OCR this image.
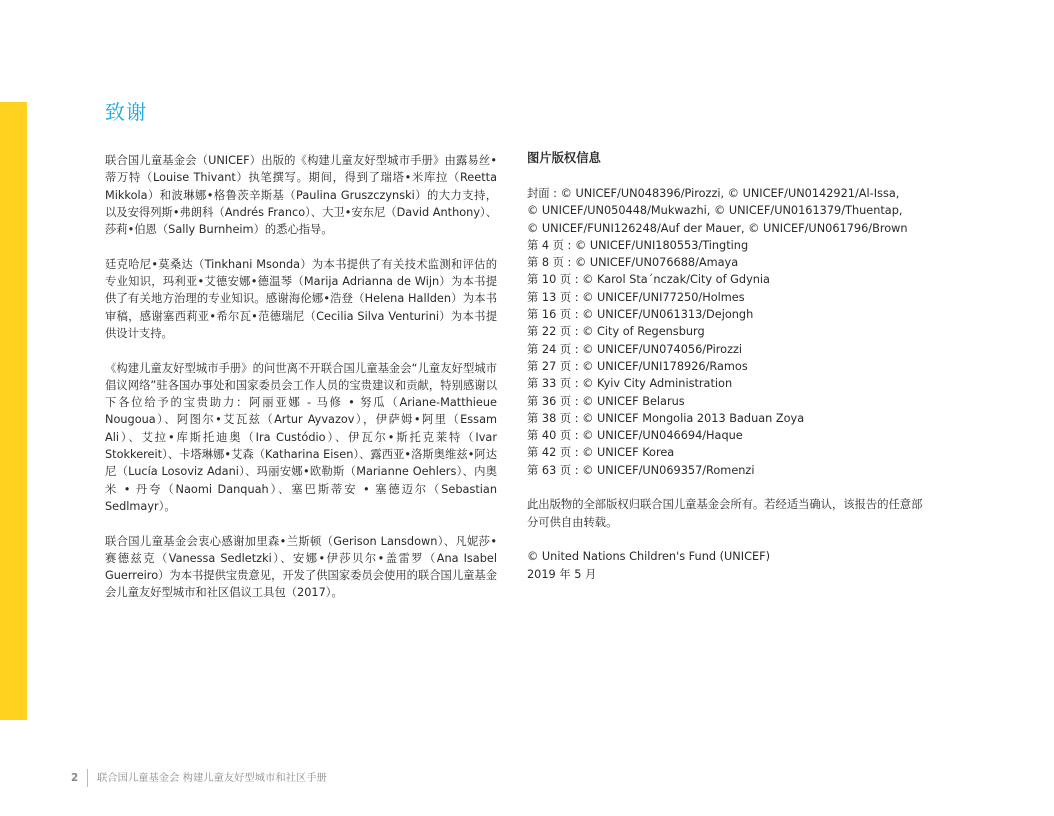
致谢

联合国儿童基金会（UNICEF）出版的《构建儿童友好型城市手册》由露易丝•蒂万特（Louise Thivant）执笔撰写。期间，得到了瑞塔•米库拉（Reetta Mikkola）和波琳娜•格鲁茨辛斯基（Paulina Gruszczynski）的大力支持，以及安得列斯•弗朗科（Andrés Franco）、大卫•安东尼（David Anthony）、莎莉•伯恩（Sally Burnheim）的悉心指导。

廷克哈尼•莫桑达（Tinkhani Msonda）为本书提供了有关技术监测和评估的专业知识，玛利亚•艾德安娜•德温琴（Marija Adrianna de Wijn）为本书提供了有关地方治理的专业知识。感谢海伦娜•浩登（Helena Hallden）为本书审稿，感谢塞西莉亚•希尔瓦•范德瑞尼（Cecilia Silva Venturini）为本书提供设计支持。

《构建儿童友好型城市手册》的问世离不开联合国儿童基金会“儿童友好型城市倡议网络”驻各国办事处和国家委员会工作人员的宝贵建议和贡献，特别感谢以下各位给予的宝贵助力：阿丽亚娜 - 马修 • 努瓜（Ariane-Matthieue Nougoua）、阿图尔•艾瓦兹（Artur Ayvazov），伊萨姆•阿里（Essam Ali）、艾拉•库斯托迪奥（Ira Custódio）、伊瓦尔•斯托克莱特（Ivar Stokkereit）、卡塔琳娜•艾森（Katharina Eisen）、露西亚•洛斯奥维兹•阿达尼（Lucía Losoviz Adani）、玛丽安娜•欧勒斯（Marianne Oehlers）、内奥米 • 丹夸（Naomi Danquah）、塞巴斯蒂安 • 塞德迈尔（Sebastian Sedlmayr）。

联合国儿童基金会衷心感谢加里森•兰斯顿（Gerison Lansdown）、凡妮莎•赛德兹克（Vanessa Sedletzki）、安娜•伊莎贝尔•盖雷罗（Ana Isabel Guerreiro）为本书提供宝贵意见，开发了供国家委员会使用的联合国儿童基金会儿童友好型城市和社区倡议工具包（2017）。

图片版权信息
封面 : © UNICEF/UN048396/Pirozzi, © UNICEF/UN0142921/Al-Issa,
© UNICEF/UN050448/Mukwazhi, © UNICEF/UN0161379/Thuentap,
© UNICEF/FUNI126248/Auf der Mauer, © UNICEF/UN061796/Brown
第 4 页 : © UNICEF/UNI180553/Tingting
第 8 页 : © UNICEF/UN076688/Amaya
第 10 页 : © Karol Sta´nczak/City of Gdynia
第 13 页 : © UNICEF/UNI77250/Holmes
第 16 页 : © UNICEF/UN061313/Dejongh
第 22 页 : © City of Regensburg
第 24 页 : © UNICEF/UN074056/Pirozzi
第 27 页 : © UNICEF/UNI178926/Ramos
第 33 页 : © Kyiv City Administration
第 36 页 : © UNICEF Belarus
第 38 页 : © UNICEF Mongolia 2013 Baduan Zoya
第 40 页 : © UNICEF/UN046694/Haque
第 42 页 : © UNICEF Korea
第 63 页 : © UNICEF/UN069357/Romenzi

此出版物的全部版权归联合国儿童基金会所有。若经适当确认，该报告的任意部分可供自由转载。

© United Nations Children's Fund (UNICEF)
2019 年 5 月
2 联合国儿童基金会 构建儿童友好型城市和社区手册
